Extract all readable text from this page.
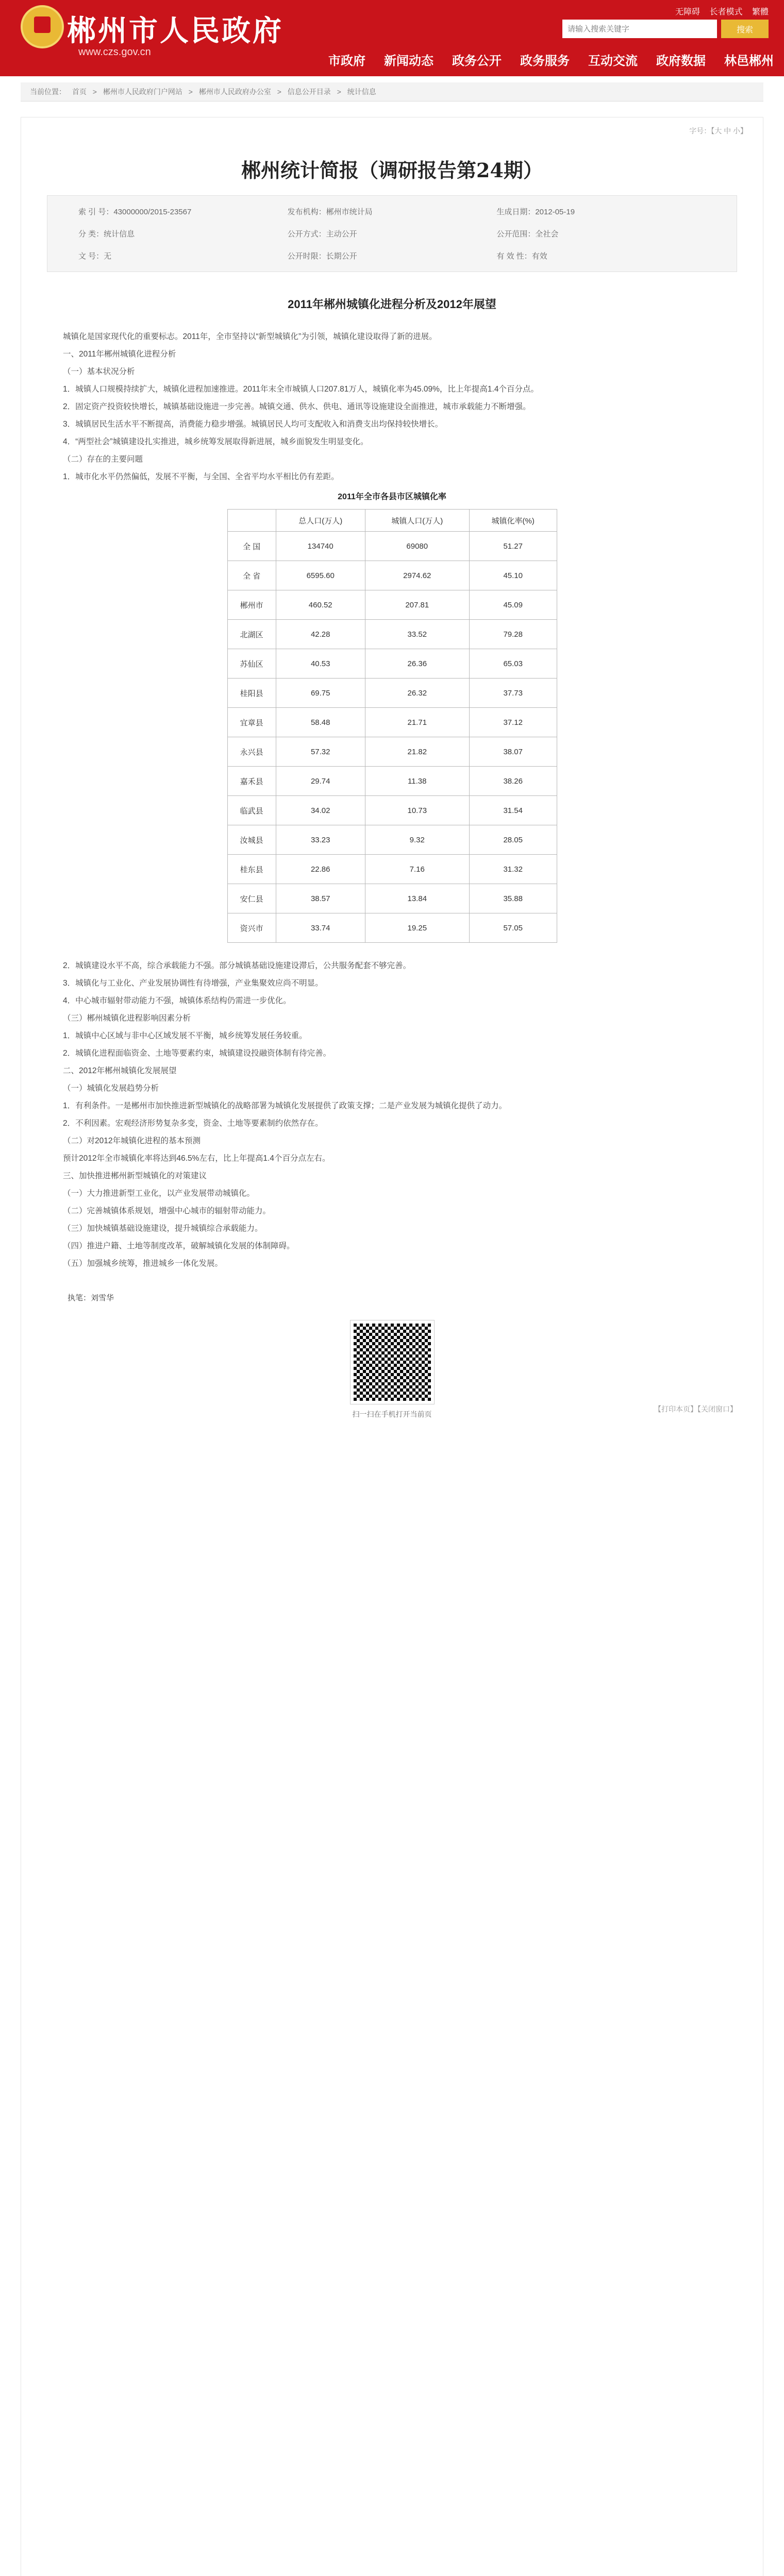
郴州市人民政府
www.czs.gov.cn
无障碍 长者模式 繁體
请输入搜索关键字
搜索
市政府 新闻动态 政务公开 政务服务 互动交流 政府数据 林邑郴州
当前位置： 首页 > 郴州市人民政府门户网站 > 郴州市人民政府办公室 > 信息公开目录 > 统计信息
字号：【大 中 小】
郴州统计简报（调研报告第24期）
索 引 号：43000000/2015-23567	发布机构：郴州市统计局	生成日期：2012-05-19
分 类：统计信息	公开方式：主动公开	公开范围：全社会
文 号：无	公开时限：长期公开	有 效 性：有效
2011年郴州城镇化进程分析及2012年展望

城镇化是国家现代化的重要标志。2011年，全市坚持以“新型城镇化”为引领，城镇化建设取得了新的进展。

一、2011年郴州城镇化进程分析

（一）基本状况分析

1．城镇人口规模持续扩大，城镇化进程加速推进。2011年末全市城镇人口207.81万人，城镇化率为45.09%，比上年提高1.4个百分点。

2．固定资产投资较快增长，城镇基础设施进一步完善。城镇交通、供水、供电、通讯等设施建设全面推进，城市承载能力不断增强。

3．城镇居民生活水平不断提高，消费能力稳步增强。城镇居民人均可支配收入和消费支出均保持较快增长。

4．“两型社会”城镇建设扎实推进，城乡统筹发展取得新进展，城乡面貌发生明显变化。

（二）存在的主要问题

1．城市化水平仍然偏低，发展不平衡，与全国、全省平均水平相比仍有差距。

2011年全市各县市区城镇化率
	总人口(万人)	城镇人口(万人)	城镇化率(%)
全 国	134740	69080	51.27
全 省	6595.60	2974.62	45.10
郴州市	460.52	207.81	45.09
北湖区	42.28	33.52	79.28
苏仙区	40.53	26.36	65.03
桂阳县	69.75	26.32	37.73
宜章县	58.48	21.71	37.12
永兴县	57.32	21.82	38.07
嘉禾县	29.74	11.38	38.26
临武县	34.02	10.73	31.54
汝城县	33.23	9.32	28.05
桂东县	22.86	7.16	31.32
安仁县	38.57	13.84	35.88
资兴市	33.74	19.25	57.05

2．城镇建设水平不高，综合承载能力不强。部分城镇基础设施建设滞后，公共服务配套不够完善。

3．城镇化与工业化、产业发展协调性有待增强，产业集聚效应尚不明显。

4．中心城市辐射带动能力不强，城镇体系结构仍需进一步优化。

（三）郴州城镇化进程影响因素分析

1．城镇中心区域与非中心区域发展不平衡，城乡统筹发展任务较重。

2．城镇化进程面临资金、土地等要素约束，城镇建设投融资体制有待完善。

二、2012年郴州城镇化发展展望

（一）城镇化发展趋势分析

1．有利条件。一是郴州市加快推进新型城镇化的战略部署为城镇化发展提供了政策支撑；二是产业发展为城镇化提供了动力。

2．不利因素。宏观经济形势复杂多变，资金、土地等要素制约依然存在。

（二）对2012年城镇化进程的基本预测

预计2012年全市城镇化率将达到46.5%左右，比上年提高1.4个百分点左右。

三、加快推进郴州新型城镇化的对策建议

（一）大力推进新型工业化，以产业发展带动城镇化。

（二）完善城镇体系规划，增强中心城市的辐射带动能力。

（三）加快城镇基础设施建设，提升城镇综合承载能力。

（四）推进户籍、土地等制度改革，破解城镇化发展的体制障碍。

（五）加强城乡统筹，推进城乡一体化发展。

执笔：刘雪华
扫一扫在手机打开当前页
【打印本页】【关闭窗口】
